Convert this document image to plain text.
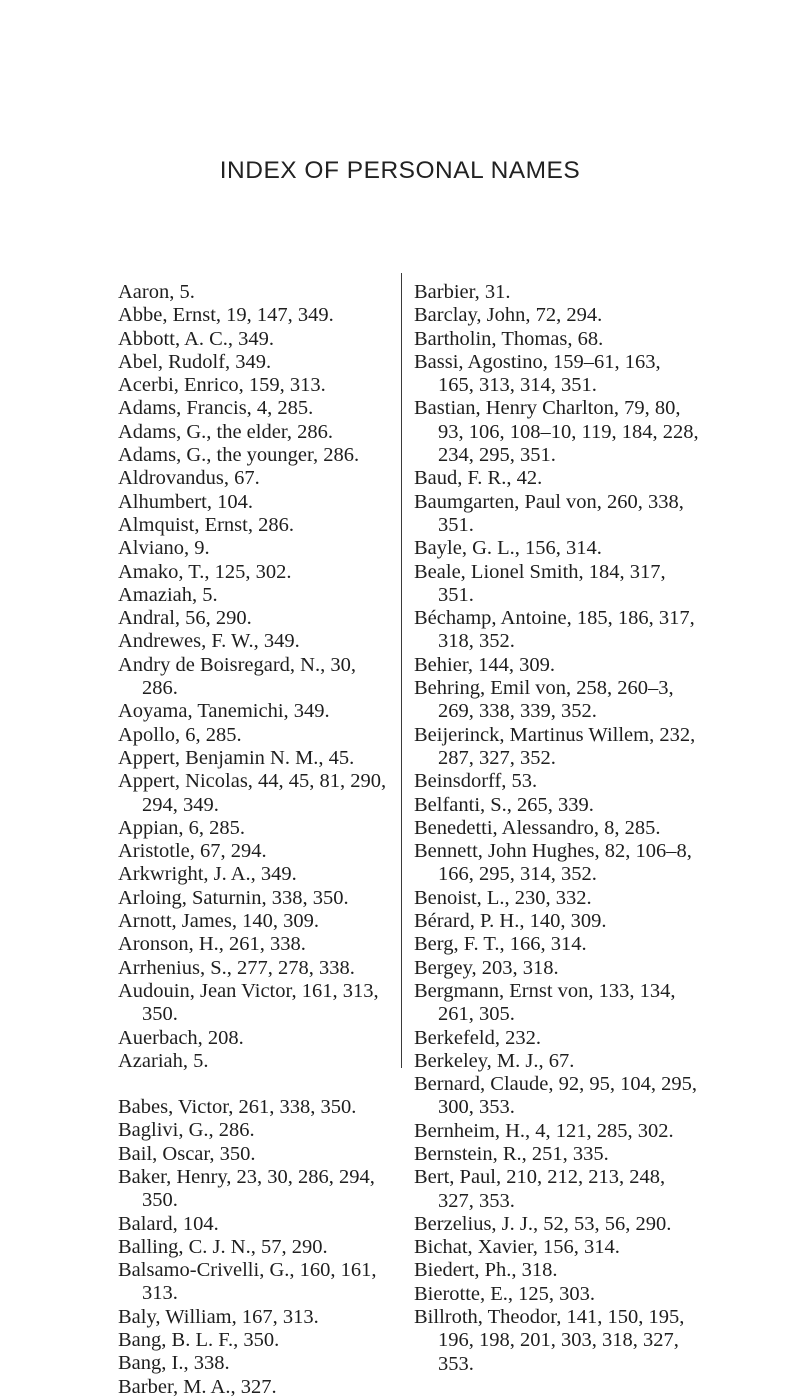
INDEX OF PERSONAL NAMES
Aaron, 5.
Abbe, Ernst, 19, 147, 349.
Abbott, A. C., 349.
Abel, Rudolf, 349.
Acerbi, Enrico, 159, 313.
Adams, Francis, 4, 285.
Adams, G., the elder, 286.
Adams, G., the younger, 286.
Aldrovandus, 67.
Alhumbert, 104.
Almquist, Ernst, 286.
Alviano, 9.
Amako, T., 125, 302.
Amaziah, 5.
Andral, 56, 290.
Andrewes, F. W., 349.
Andry de Boisregard, N., 30, 286.
Aoyama, Tanemichi, 349.
Apollo, 6, 285.
Appert, Benjamin N. M., 45.
Appert, Nicolas, 44, 45, 81, 290, 294, 349.
Appian, 6, 285.
Aristotle, 67, 294.
Arkwright, J. A., 349.
Arloing, Saturnin, 338, 350.
Arnott, James, 140, 309.
Aronson, H., 261, 338.
Arrhenius, S., 277, 278, 338.
Audouin, Jean Victor, 161, 313, 350.
Auerbach, 208.
Azariah, 5.
Babes, Victor, 261, 338, 350.
Baglivi, G., 286.
Bail, Oscar, 350.
Baker, Henry, 23, 30, 286, 294, 350.
Balard, 104.
Balling, C. J. N., 57, 290.
Balsamo-Crivelli, G., 160, 161, 313.
Baly, William, 167, 313.
Bang, B. L. F., 350.
Bang, I., 338.
Barber, M. A., 327.
Barbier, 31.
Barclay, John, 72, 294.
Bartholin, Thomas, 68.
Bassi, Agostino, 159–61, 163, 165, 313, 314, 351.
Bastian, Henry Charlton, 79, 80, 93, 106, 108–10, 119, 184, 228, 234, 295, 351.
Baud, F. R., 42.
Baumgarten, Paul von, 260, 338, 351.
Bayle, G. L., 156, 314.
Beale, Lionel Smith, 184, 317, 351.
Béchamp, Antoine, 185, 186, 317, 318, 352.
Behier, 144, 309.
Behring, Emil von, 258, 260–3, 269, 338, 339, 352.
Beijerinck, Martinus Willem, 232, 287, 327, 352.
Beinsdorff, 53.
Belfanti, S., 265, 339.
Benedetti, Alessandro, 8, 285.
Bennett, John Hughes, 82, 106–8, 166, 295, 314, 352.
Benoist, L., 230, 332.
Bérard, P. H., 140, 309.
Berg, F. T., 166, 314.
Bergey, 203, 318.
Bergmann, Ernst von, 133, 134, 261, 305.
Berkefeld, 232.
Berkeley, M. J., 67.
Bernard, Claude, 92, 95, 104, 295, 300, 353.
Bernheim, H., 4, 121, 285, 302.
Bernstein, R., 251, 335.
Bert, Paul, 210, 212, 213, 248, 327, 353.
Berzelius, J. J., 52, 53, 56, 290.
Bichat, Xavier, 156, 314.
Biedert, Ph., 318.
Bierotte, E., 125, 303.
Billroth, Theodor, 141, 150, 195, 196, 198, 201, 303, 318, 327, 353.
